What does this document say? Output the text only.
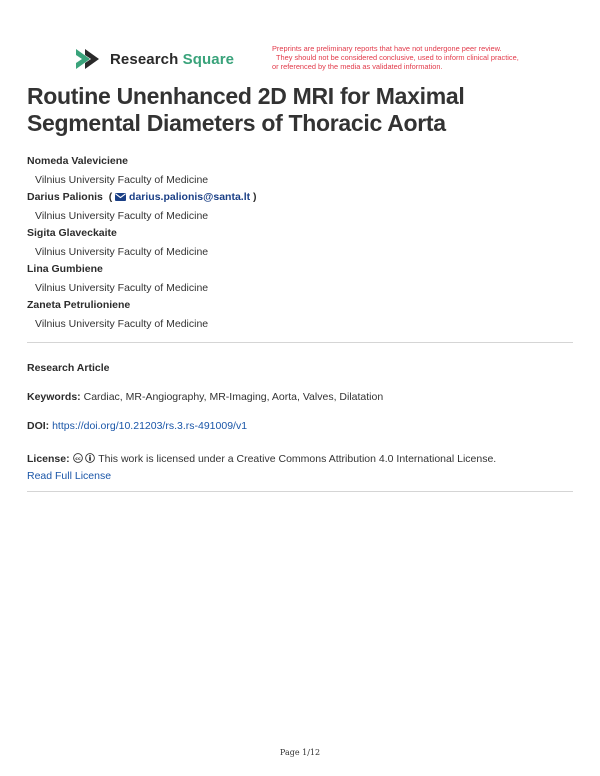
Research Square
Preprints are preliminary reports that have not undergone peer review.
They should not be considered conclusive, used to inform clinical practice,
or referenced by the media as validated information.
Routine Unenhanced 2D MRI for Maximal Segmental Diameters of Thoracic Aorta
Nomeda Valeviciene
Vilnius University Faculty of Medicine
Darius Palionis  (  darius.palionis@santa.lt )
Vilnius University Faculty of Medicine
Sigita Glaveckaite
Vilnius University Faculty of Medicine
Lina Gumbiene
Vilnius University Faculty of Medicine
Zaneta Petrulioniene
Vilnius University Faculty of Medicine
Research Article
Keywords: Cardiac, MR-Angiography, MR-Imaging, Aorta, Valves, Dilatation
DOI: https://doi.org/10.21203/rs.3.rs-491009/v1
License: cc This work is licensed under a Creative Commons Attribution 4.0 International License.
Read Full License
Page 1/12
